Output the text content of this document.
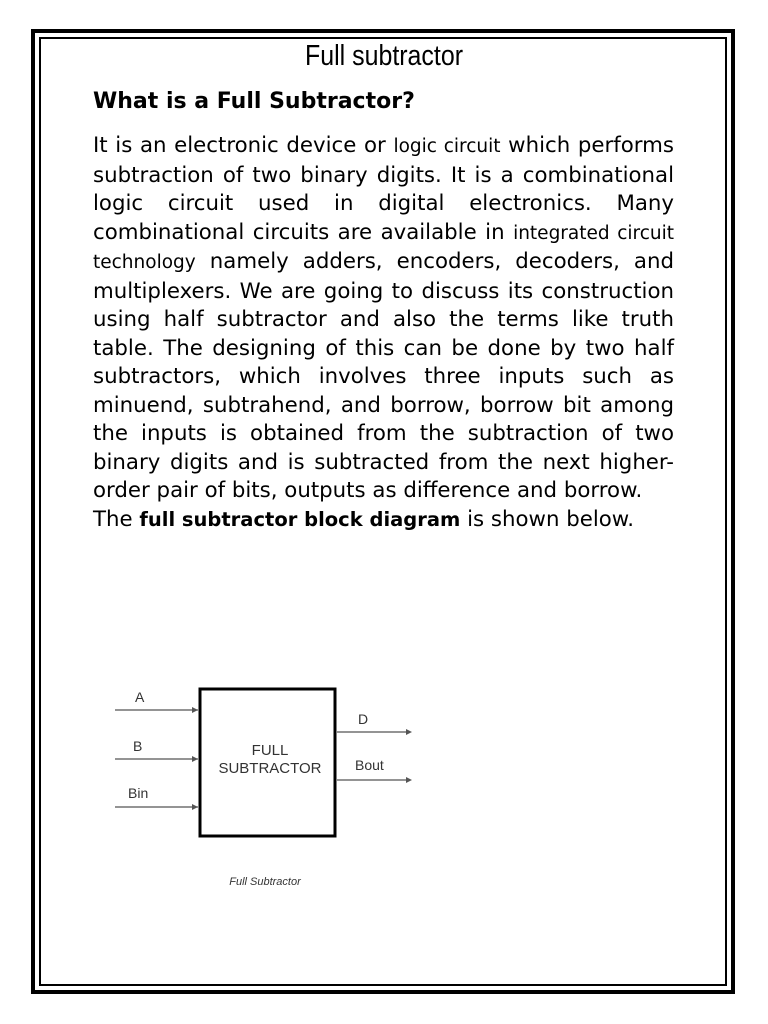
Full subtractor
What is a Full Subtractor?

It is an electronic device or logic circuit which performs subtraction of two binary digits. It is a combinational logic circuit used in digital electronics. Many combinational circuits are available in integrated circuit technology namely adders, encoders, decoders, and multiplexers. We are going to discuss its construction using half subtractor and also the terms like truth table. The designing of this can be done by two half subtractors, which involves three inputs such as minuend, subtrahend, and borrow, borrow bit among the inputs is obtained from the subtraction of two binary digits and is subtracted from the next higher-order pair of bits, outputs as difference and borrow.

The full subtractor block diagram is shown below.

FULL
SUBTRACTOR
A
B
Bin
D
Bout
Full Subtractor
